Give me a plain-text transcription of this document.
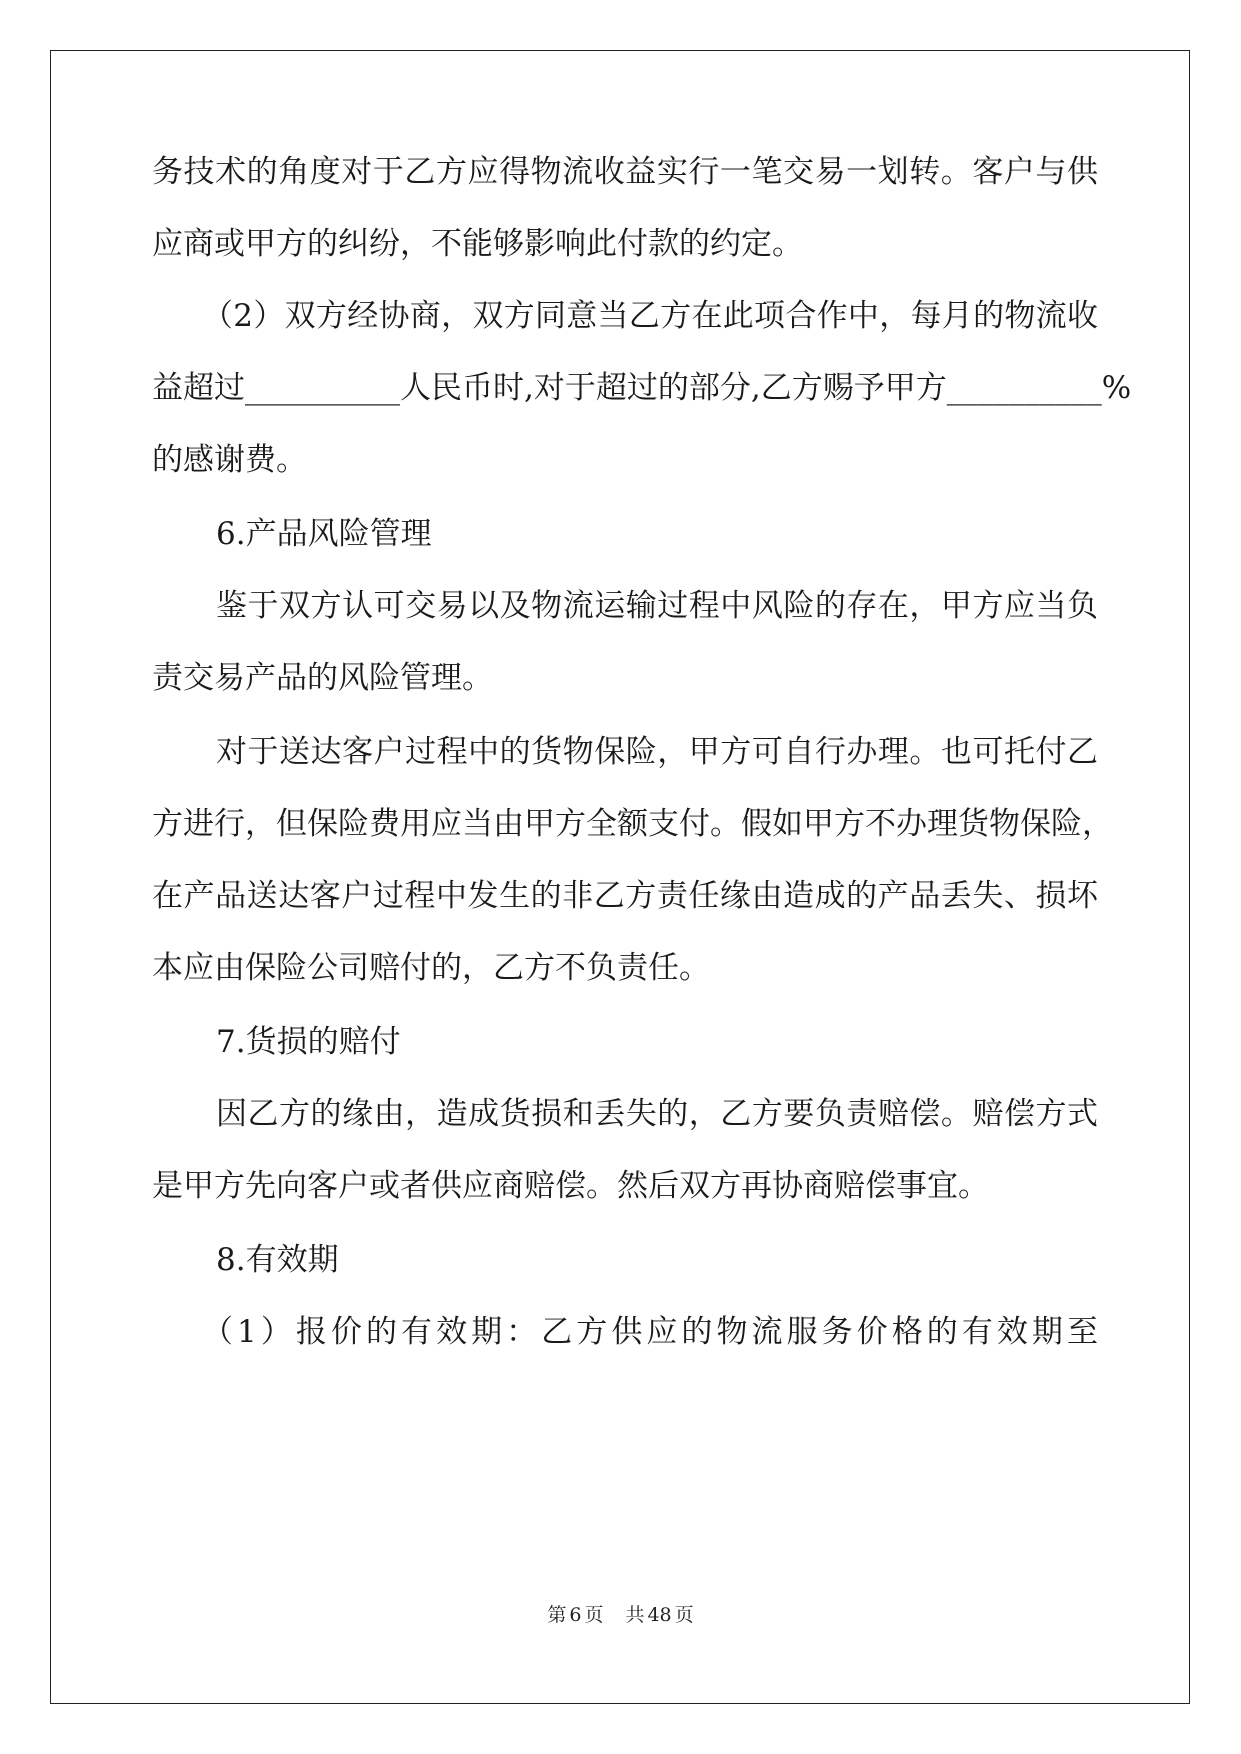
务技术的角度对于乙方应得物流收益实行一笔交易一划转。客户与供
应商或甲方的纠纷，不能够影响此付款的约定。
（2）双方经协商，双方同意当乙方在此项合作中，每月的物流收
益超过__________人民币时,对于超过的部分,乙方赐予甲方__________%
的感谢费。
6.产品风险管理
鉴于双方认可交易以及物流运输过程中风险的存在，甲方应当负
责交易产品的风险管理。
对于送达客户过程中的货物保险，甲方可自行办理。也可托付乙
方进行，但保险费用应当由甲方全额支付。假如甲方不办理货物保险，
在产品送达客户过程中发生的非乙方责任缘由造成的产品丢失、损坏
本应由保险公司赔付的，乙方不负责任。
7.货损的赔付
因乙方的缘由，造成货损和丢失的，乙方要负责赔偿。赔偿方式
是甲方先向客户或者供应商赔偿。然后双方再协商赔偿事宜。
8.有效期
（1）报价的有效期：乙方供应的物流服务价格的有效期至
第 6 页 共 48 页
